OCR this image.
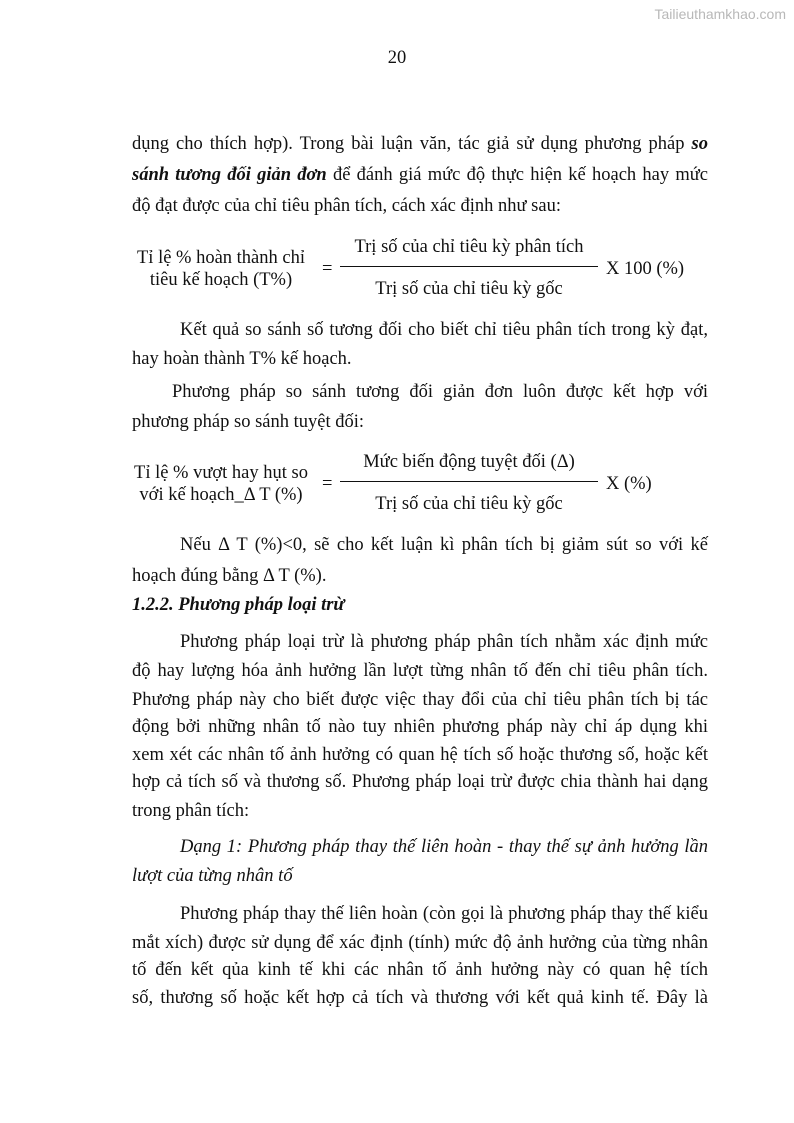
Tailieuthamkhao.com
20
dụng cho thích hợp). Trong bài luận văn, tác giả sử dụng phương pháp so
sánh tương đối giản đơn để đánh giá mức độ thực hiện kế hoạch hay mức
độ đạt được của chỉ tiêu phân tích, cách xác định như sau:
Tỉ lệ % hoàn thành chỉ
tiêu kế hoạch (T%)
=
Trị số của chỉ tiêu kỳ phân tích
Trị số của chỉ tiêu kỳ gốc
X 100 (%)
Kết quả so sánh số tương đối cho biết chỉ tiêu phân tích trong kỳ đạt,
hay hoàn thành T% kế hoạch.
Phương pháp so sánh tương đối giản đơn luôn được kết hợp với
phương pháp so sánh tuyệt đối:
Tỉ lệ % vượt hay hụt so
với kế hoạch_Δ T (%)
=
Mức biến động tuyệt đối (Δ)
Trị số của chỉ tiêu kỳ gốc
X (%)
Nếu Δ T (%)<0, sẽ cho kết luận kì phân tích bị giảm sút so với kế
hoạch đúng bằng Δ T (%).
1.2.2. Phương pháp loại trừ
Phương pháp loại trừ là phương pháp phân tích nhằm xác định mức
độ hay lượng hóa ảnh hưởng lần lượt từng nhân tố đến chỉ tiêu phân tích.
Phương pháp này cho biết được việc thay đổi của chỉ tiêu phân tích bị tác
động bởi những nhân tố nào tuy nhiên phương pháp này chỉ áp dụng khi
xem xét các nhân tố ảnh hưởng có quan hệ tích số hoặc thương số, hoặc kết
hợp cả tích số và thương số. Phương pháp loại trừ được chia thành hai dạng
trong phân tích:
Dạng 1: Phương pháp thay thế liên hoàn - thay thế sự ảnh hưởng lần
lượt của từng nhân tố
Phương pháp thay thế liên hoàn (còn gọi là phương pháp thay thế kiểu
mắt xích) được sử dụng để xác định (tính) mức độ ảnh hưởng của từng nhân
tố đến kết qủa kinh tế khi các nhân tố ảnh hưởng này có quan hệ tích
số, thương số hoặc kết hợp cả tích và thương với kết quả kinh tế. Đây là
